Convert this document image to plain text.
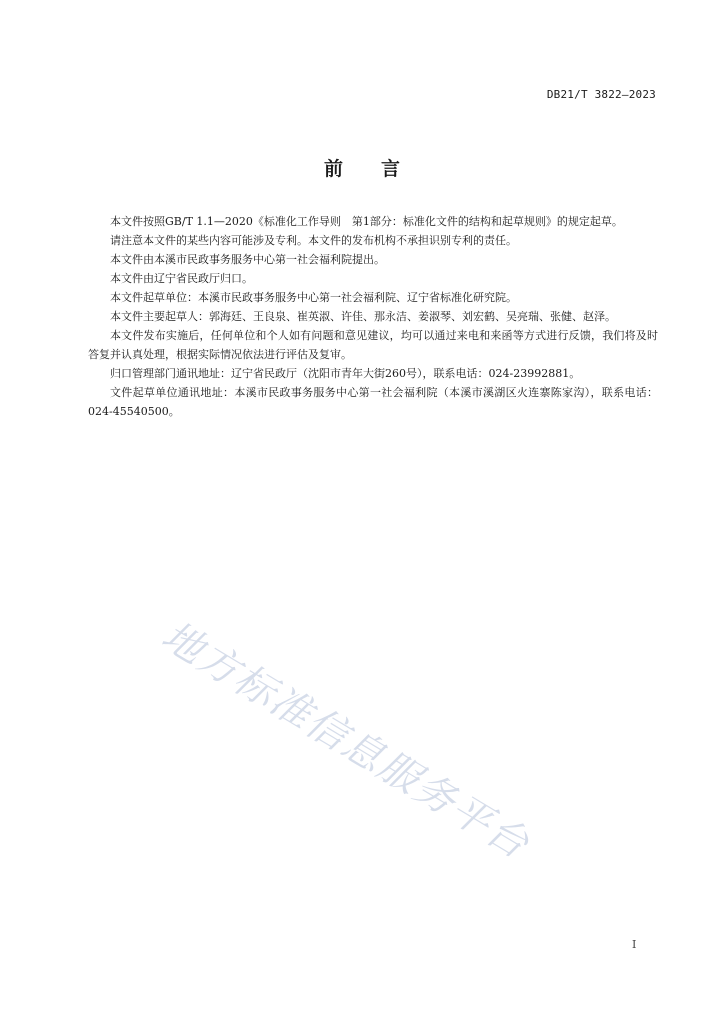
DB21/T 3822—2023
前言

本文件按照GB/T 1.1—2020《标准化工作导则　第1部分：标准化文件的结构和起草规则》的规定起草。

请注意本文件的某些内容可能涉及专利。本文件的发布机构不承担识别专利的责任。

本文件由本溪市民政事务服务中心第一社会福利院提出。

本文件由辽宁省民政厅归口。

本文件起草单位：本溪市民政事务服务中心第一社会福利院、辽宁省标准化研究院。

本文件主要起草人：郭海廷、王良泉、崔英淑、许佳、那永洁、姜淑琴、刘宏鹤、吴亮瑞、张健、赵泽。

本文件发布实施后，任何单位和个人如有问题和意见建议，均可以通过来电和来函等方式进行反馈，我们将及时答复并认真处理，根据实际情况依法进行评估及复审。

归口管理部门通讯地址：辽宁省民政厅（沈阳市青年大街260号），联系电话：024-23992881。

文件起草单位通讯地址：本溪市民政事务服务中心第一社会福利院（本溪市溪湖区火连寨陈家沟），联系电话：024-45540500。

地方标准信息服务平台
I
